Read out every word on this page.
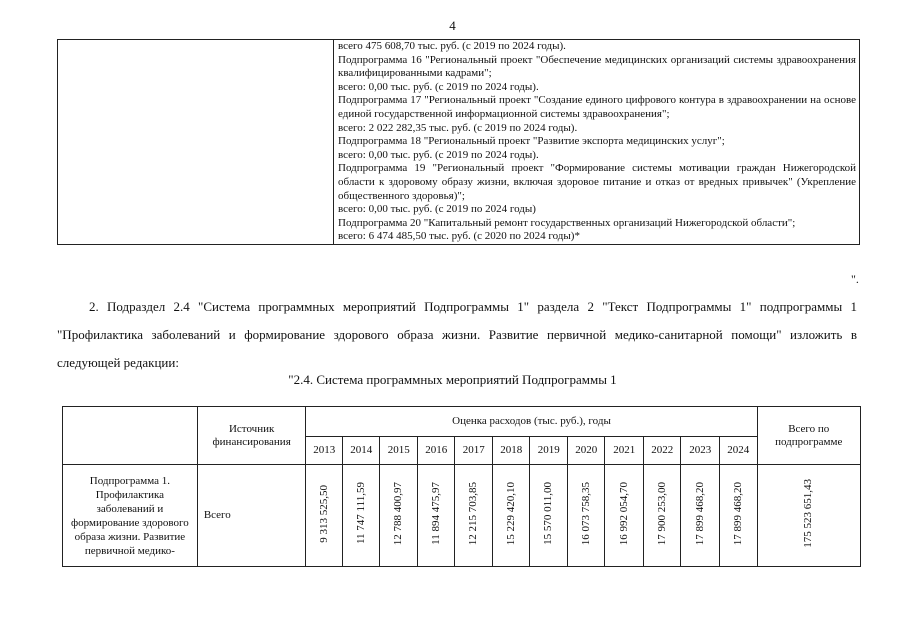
4

всего 475 608,70 тыс. руб. (с 2019 по 2024 годы).
Подпрограмма 16 "Региональный проект "Обеспечение медицинских организаций системы здравоохранения квалифицированными кадрами";
всего: 0,00 тыс. руб. (с 2019 по 2024 годы).
Подпрограмма 17 "Региональный проект "Создание единого цифрового контура в здравоохранении на основе единой государственной информационной системы здравоохранения";
всего: 2 022 282,35 тыс. руб. (с 2019 по 2024 годы).
Подпрограмма 18 "Региональный проект "Развитие экспорта медицинских услуг";
всего: 0,00 тыс. руб. (с 2019 по 2024 годы).
Подпрограмма 19 "Региональный проект "Формирование системы мотивации граждан Нижегородской области к здоровому образу жизни, включая здоровое питание и отказ от вредных привычек" (Укрепление общественного здоровья)";
всего: 0,00 тыс. руб. (с 2019 по 2024 годы)
Подпрограмма 20 "Капитальный ремонт государственных организаций Нижегородской области";
всего: 6 474 485,50 тыс. руб. (с 2020 по 2024 годы)*
".
2. Подраздел 2.4 "Система программных мероприятий Подпрограммы 1" раздела 2 "Текст Подпрограммы 1" подпрограммы 1 "Профилактика заболеваний и формирование здорового образа жизни. Развитие первичной медико-санитарной помощи" изложить в следующей редакции:
"2.4. Система программных мероприятий Подпрограммы 1
	Источник финансирования	Оценка расходов (тыс. руб.), годы												Всего по подпрограмме
		2013	2014	2015	2016	2017	2018	2019	2020	2021	2022	2023	2024	
Подпрограмма 1. Профилактика заболеваний и формирование здорового образа жизни. Развитие первичной медико-	Всего	9 313 525,50	11 747 111,59	12 788 400,97	11 894 475,97	12 215 703,85	15 229 420,10	15 570 011,00	16 073 758,35	16 992 054,70	17 900 253,00	17 899 468,20	17 899 468,20	175 523 651,43
